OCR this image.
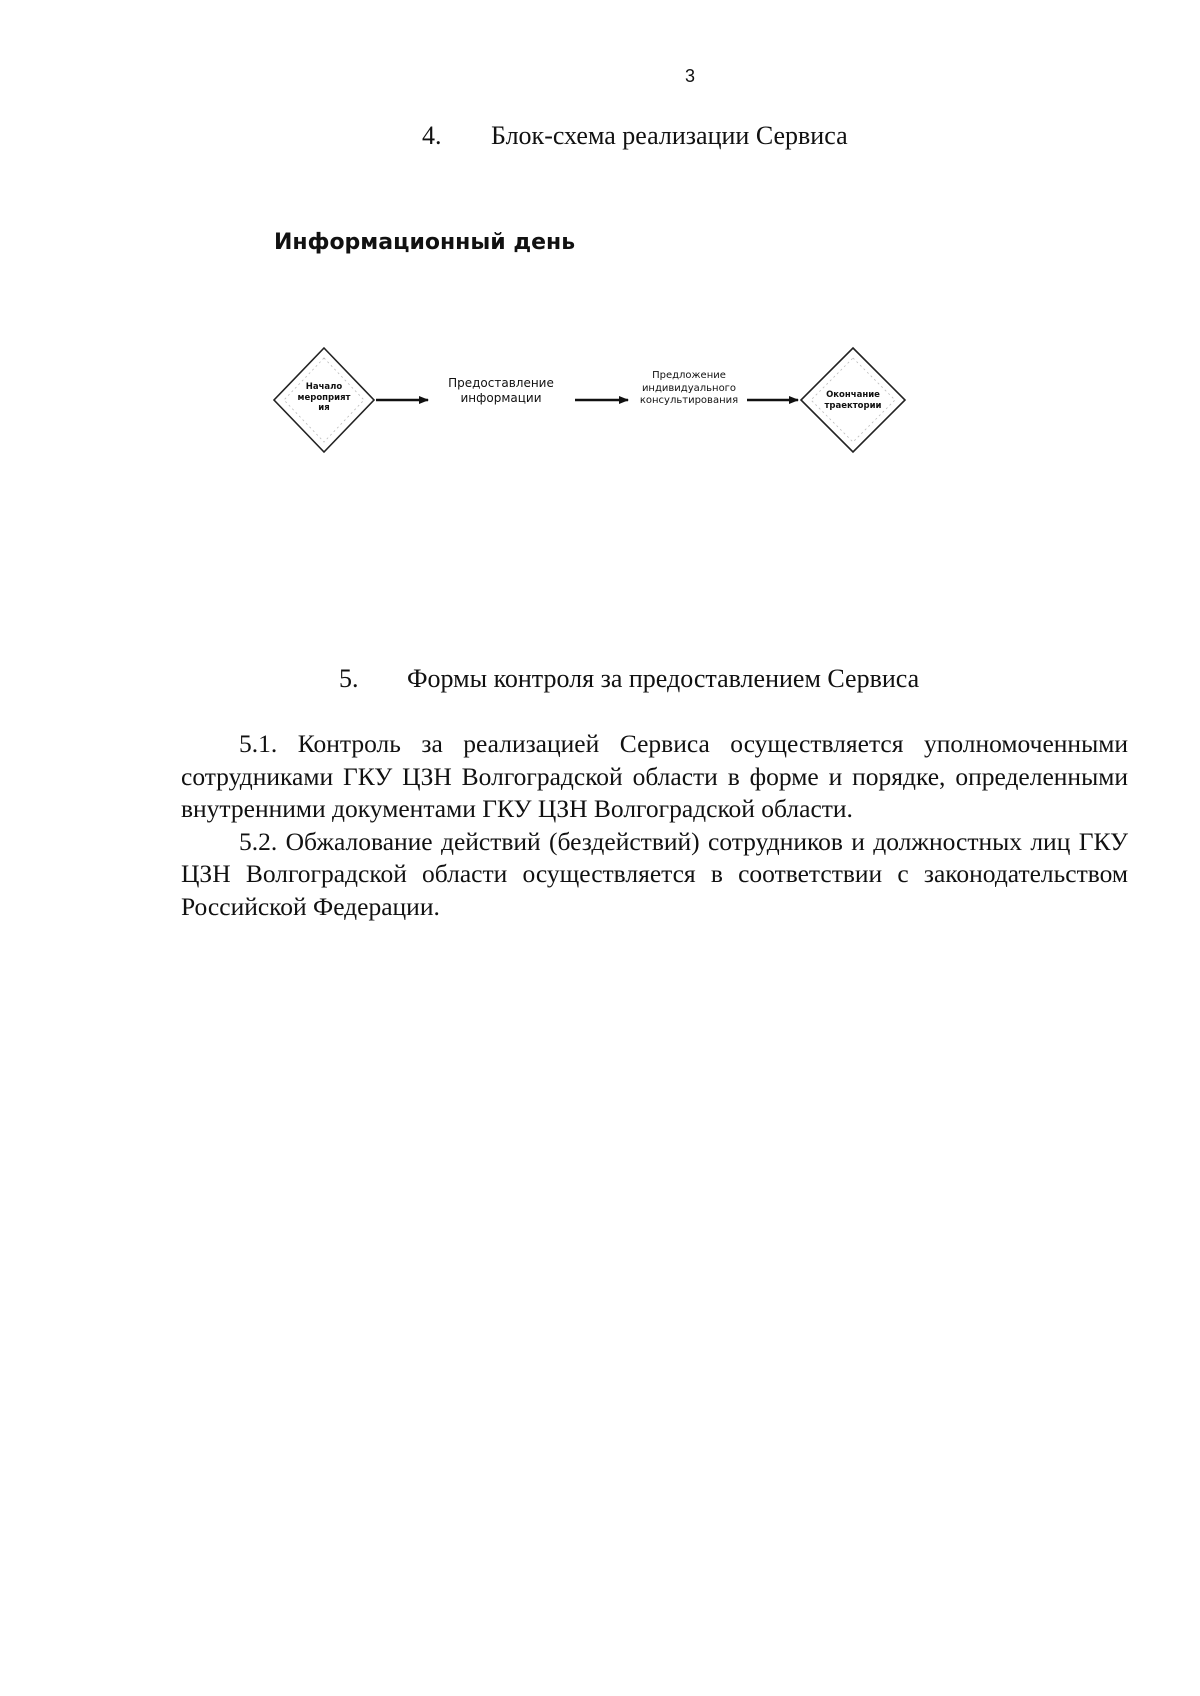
3
4. Блок-схема реализации Сервиса
Информационный день
Начало
мероприят
ия
Предоставление
информации
Предложение
индивидуального
консультирования	Окончание
траектории
5. Формы контроля за предоставлением Сервиса

5.1. Контроль за реализацией Сервиса осуществляется уполномоченными сотрудниками ГКУ ЦЗН Волгоградской области в форме и порядке, определенными внутренними документами ГКУ ЦЗН Волгоградской области.

5.2. Обжалование действий (бездействий) сотрудников и должностных лиц ГКУ ЦЗН Волгоградской области осуществляется в соответствии с законодательством Российской Федерации.
